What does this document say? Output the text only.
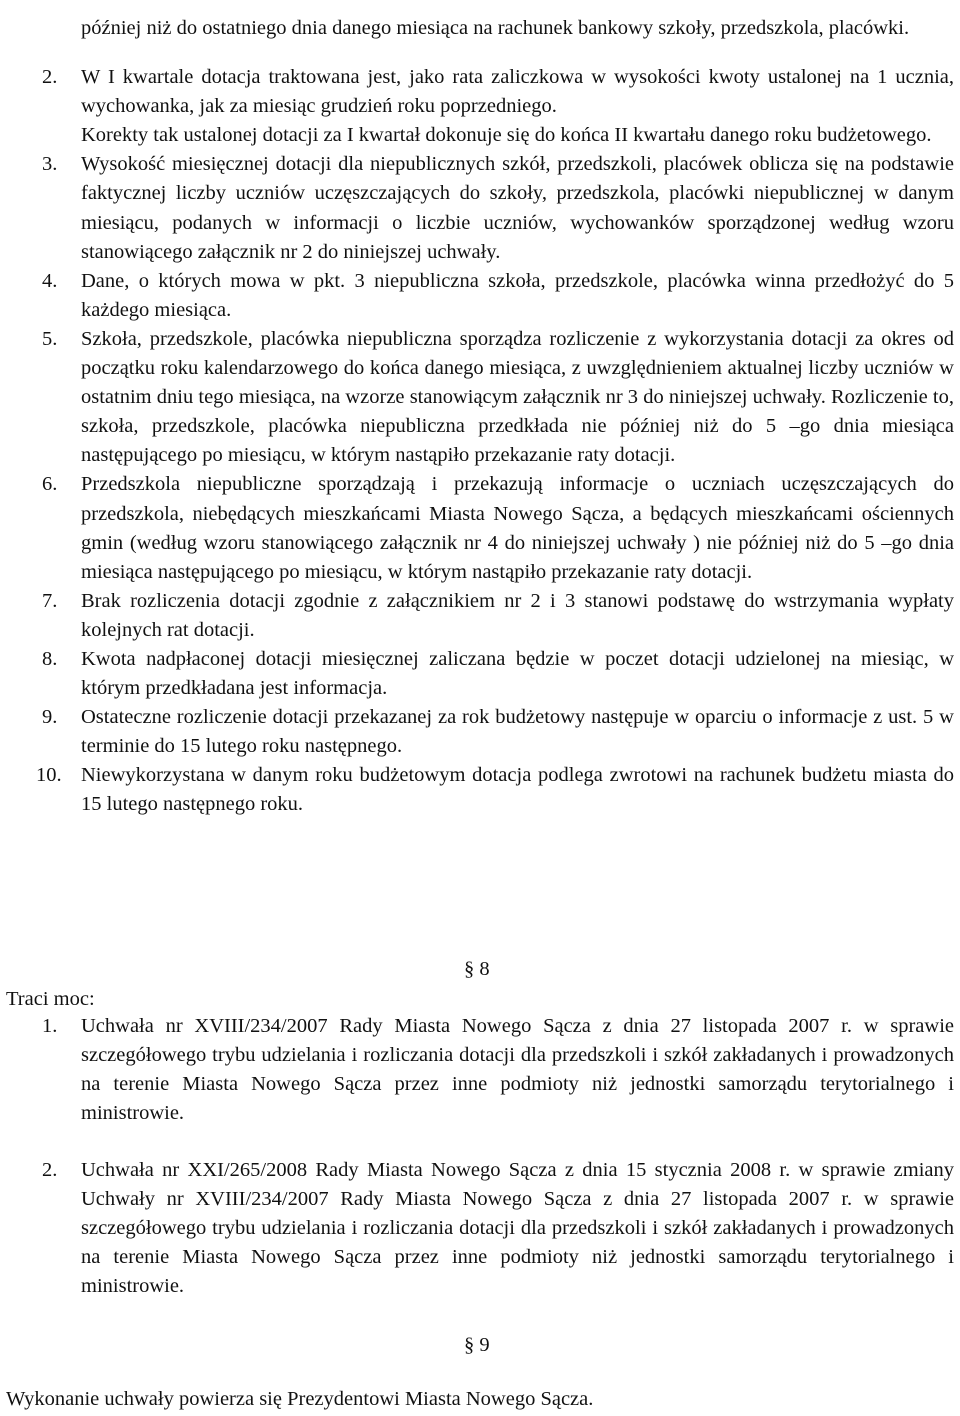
później niż do ostatniego dnia danego miesiąca na rachunek bankowy szkoły, przedszkola, placówki.

2. W I kwartale dotacja traktowana jest, jako rata zaliczkowa w wysokości kwoty ustalonej na 1 ucznia, wychowanka, jak za miesiąc grudzień roku poprzedniego.
Korekty tak ustalonej dotacji za I kwartał dokonuje się do końca II kwartału danego roku budżetowego.
3. Wysokość miesięcznej dotacji dla niepublicznych szkół, przedszkoli, placówek oblicza się na podstawie faktycznej liczby uczniów uczęszczających do szkoły, przedszkola, placówki niepublicznej w danym miesiącu, podanych w informacji o liczbie uczniów, wychowanków sporządzonej według wzoru stanowiącego załącznik nr 2 do niniejszej uchwały.
4. Dane, o których mowa w pkt. 3 niepubliczna szkoła, przedszkole, placówka winna przedłożyć do 5 każdego miesiąca.
5. Szkoła, przedszkole, placówka niepubliczna sporządza rozliczenie z wykorzystania dotacji za okres od początku roku kalendarzowego do końca danego miesiąca, z uwzględnieniem aktualnej liczby uczniów w ostatnim dniu tego miesiąca, na wzorze stanowiącym załącznik nr 3 do niniejszej uchwały. Rozliczenie to, szkoła, przedszkole, placówka niepubliczna przedkłada nie później niż do 5 –go dnia miesiąca następującego po miesiącu, w którym nastąpiło przekazanie raty dotacji.
6. Przedszkola niepubliczne sporządzają i przekazują informacje o uczniach uczęszczających do przedszkola, niebędących mieszkańcami Miasta Nowego Sącza, a będących mieszkańcami ościennych gmin (według wzoru stanowiącego załącznik nr 4 do niniejszej uchwały ) nie później niż do 5 –go dnia miesiąca następującego po miesiącu, w którym nastąpiło przekazanie raty dotacji.
7. Brak rozliczenia dotacji zgodnie z załącznikiem nr 2 i 3 stanowi podstawę do wstrzymania wypłaty kolejnych rat dotacji.
8. Kwota nadpłaconej dotacji miesięcznej zaliczana będzie w poczet dotacji udzielonej na miesiąc, w którym przedkładana jest informacja.
9. Ostateczne rozliczenie dotacji przekazanej za rok budżetowy następuje w oparciu o informacje z ust. 5 w terminie do 15 lutego roku następnego.
10. Niewykorzystana w danym roku budżetowym dotacja podlega zwrotowi na rachunek budżetu miasta do 15 lutego następnego roku.
§ 8
Traci moc:
1. Uchwała nr XVIII/234/2007 Rady Miasta Nowego Sącza z dnia 27 listopada 2007 r. w sprawie szczegółowego trybu udzielania i rozliczania dotacji dla przedszkoli i szkół zakładanych i prowadzonych na terenie Miasta Nowego Sącza przez inne podmioty niż jednostki samorządu terytorialnego i ministrowie.
2. Uchwała nr XXI/265/2008 Rady Miasta Nowego Sącza z dnia 15 stycznia 2008 r. w sprawie zmiany Uchwały nr XVIII/234/2007 Rady Miasta Nowego Sącza z dnia 27 listopada 2007 r. w sprawie szczegółowego trybu udzielania i rozliczania dotacji dla przedszkoli i szkół zakładanych i prowadzonych na terenie Miasta Nowego Sącza przez inne podmioty niż jednostki samorządu terytorialnego i ministrowie.
§ 9
Wykonanie uchwały powierza się Prezydentowi Miasta Nowego Sącza.
